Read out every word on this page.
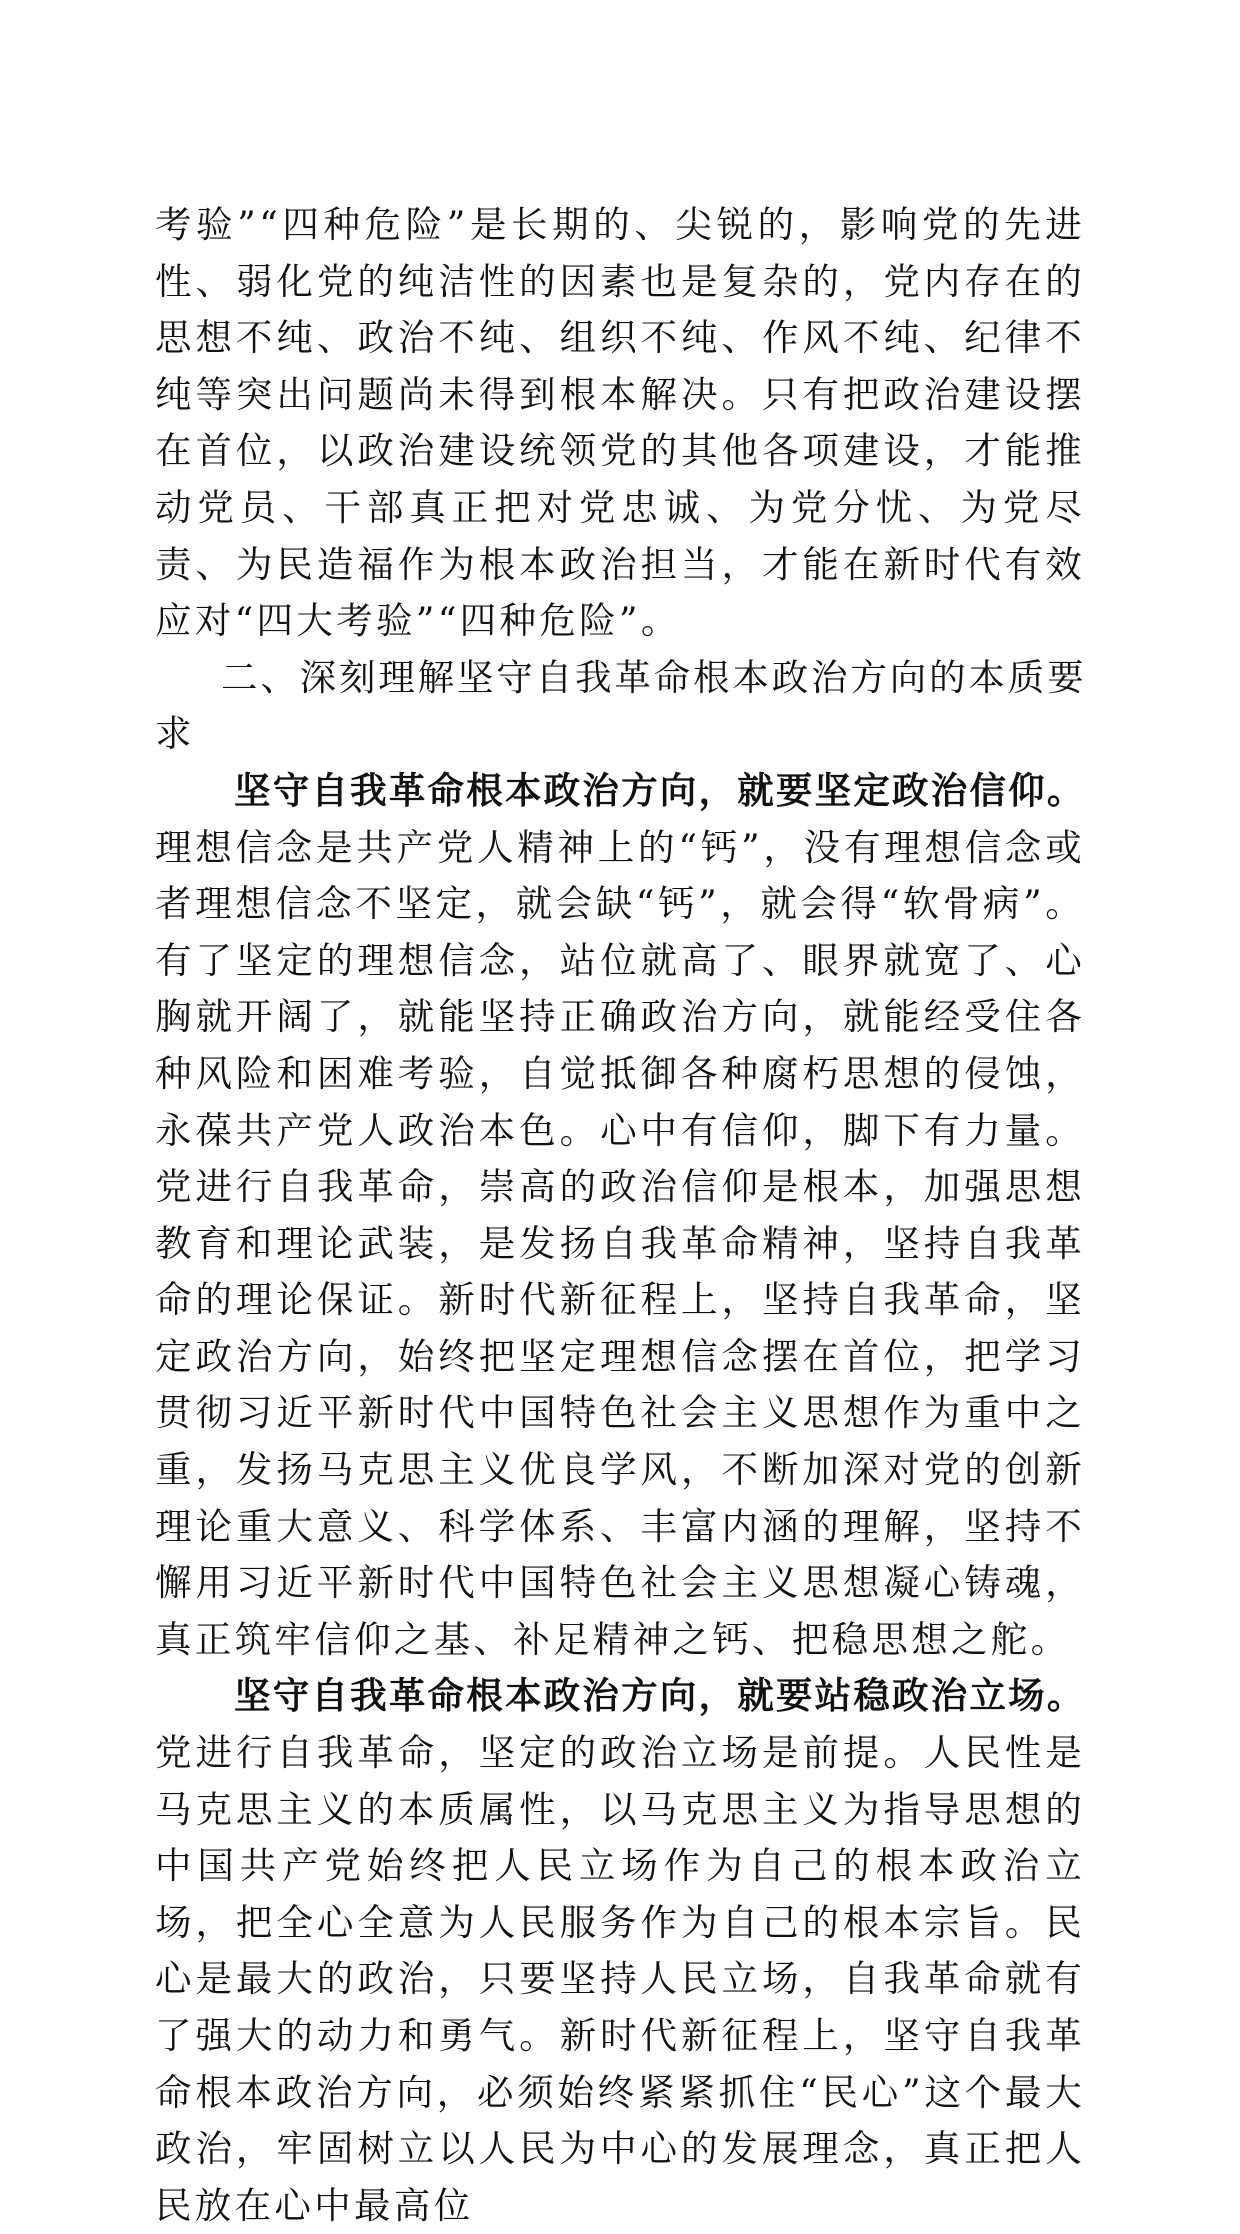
考验”“四种危险”是长期的、尖锐的，影响党的先进性、弱化党的纯洁性的因素也是复杂的，党内存在的思想不纯、政治不纯、组织不纯、作风不纯、纪律不纯等突出问题尚未得到根本解决。只有把政治建设摆在首位，以政治建设统领党的其他各项建设，才能推动党员、干部真正把对党忠诚、为党分忧、为党尽责、为民造福作为根本政治担当，才能在新时代有效应对“四大考验”“四种危险”。

二、深刻理解坚守自我革命根本政治方向的本质要求

坚守自我革命根本政治方向，就要坚定政治信仰。理想信念是共产党人精神上的“钙”，没有理想信念或者理想信念不坚定，就会缺“钙”，就会得“软骨病”。有了坚定的理想信念，站位就高了、眼界就宽了、心胸就开阔了，就能坚持正确政治方向，就能经受住各种风险和困难考验，自觉抵御各种腐朽思想的侵蚀，永葆共产党人政治本色。心中有信仰，脚下有力量。党进行自我革命，崇高的政治信仰是根本，加强思想教育和理论武装，是发扬自我革命精神，坚持自我革命的理论保证。新时代新征程上，坚持自我革命，坚定政治方向，始终把坚定理想信念摆在首位，把学习贯彻习近平新时代中国特色社会主义思想作为重中之重，发扬马克思主义优良学风，不断加深对党的创新理论重大意义、科学体系、丰富内涵的理解，坚持不懈用习近平新时代中国特色社会主义思想凝心铸魂，真正筑牢信仰之基、补足精神之钙、把稳思想之舵。

坚守自我革命根本政治方向，就要站稳政治立场。党进行自我革命，坚定的政治立场是前提。人民性是马克思主义的本质属性，以马克思主义为指导思想的中国共产党始终把人民立场作为自己的根本政治立场，把全心全意为人民服务作为自己的根本宗旨。民心是最大的政治，只要坚持人民立场，自我革命就有了强大的动力和勇气。新时代新征程上，坚守自我革命根本政治方向，必须始终紧紧抓住“民心”这个最大政治，牢固树立以人民为中心的发展理念，真正把人民放在心中最高位
